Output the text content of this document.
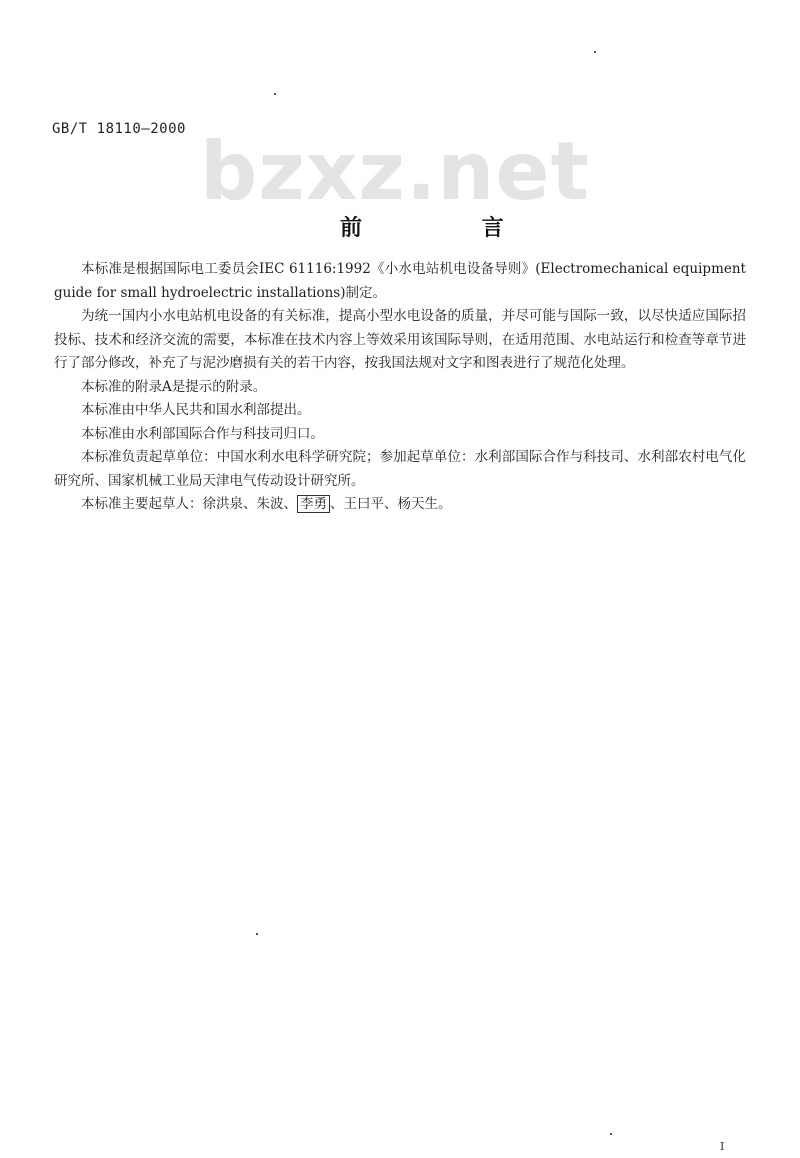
GB/T 18110—2000 bzxz.net
前 言

本标准是根据国际电工委员会IEC 61116:1992《小水电站机电设备导则》(Electromechanical equipment guide for small hydroelectric installations)制定。

为统一国内小水电站机电设备的有关标准，提高小型水电设备的质量，并尽可能与国际一致，以尽快适应国际招投标、技术和经济交流的需要，本标准在技术内容上等效采用该国际导则，在适用范围、水电站运行和检查等章节进行了部分修改，补充了与泥沙磨损有关的若干内容，按我国法规对文字和图表进行了规范化处理。

本标准的附录A是提示的附录。

本标准由中华人民共和国水利部提出。

本标准由水利部国际合作与科技司归口。

本标准负责起草单位：中国水利水电科学研究院；参加起草单位：水利部国际合作与科技司、水利部农村电气化研究所、国家机械工业局天津电气传动设计研究所。

本标准主要起草人：徐洪泉、朱波、 李勇 、王曰平、杨天生。

I
